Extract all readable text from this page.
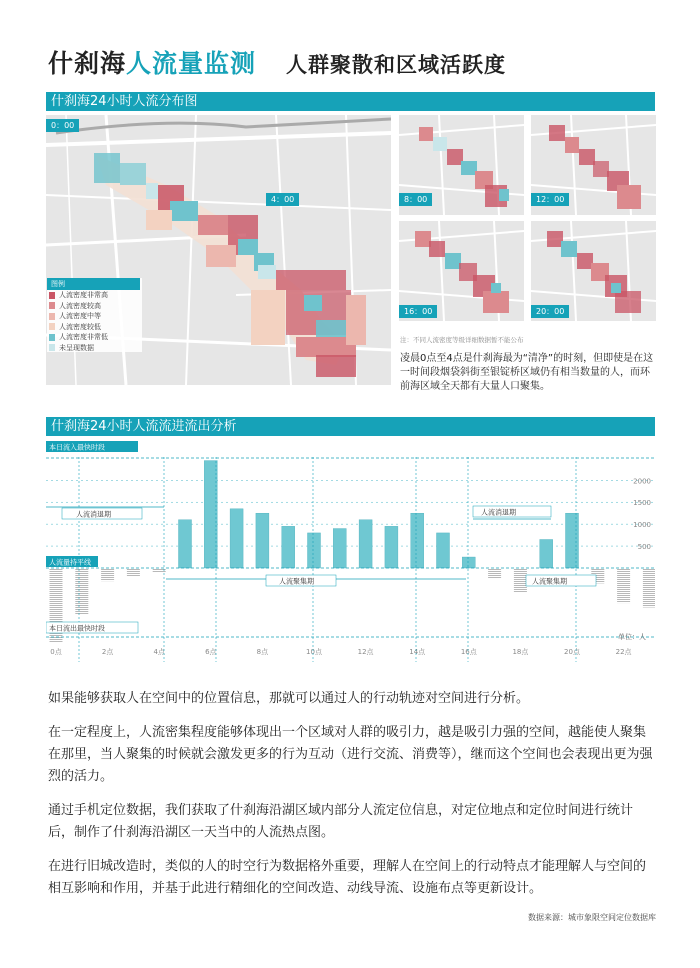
什刹海人流量监测 人群聚散和区域活跃度
什刹海24小时人流分布图
0：00
4：00
图例
人流密度非常高
人流密度较高
人流密度中等
人流密度较低
人流密度非常低
未呈现数据
8：00	12：00
16：00	20：00
注：不同人流密度等级详细数据暂不能公布
凌晨0点至4点是什刹海最为“清净”的时刻，但即使是在这一时间段烟袋斜街至银锭桥区域仍有相当数量的人，而环前海区域全天都有大量人口聚集。
什刹海24小时人流流进流出分析
0点	2点	4点	6点	8点	10点	12点	14点	16点	18点	20点	22点
500
1000
1500
2000
本日流入最快时段
人流量持平线
本日流出最快时段
人流消退期
人流聚集期
人流消退期
人流聚集期
单位：人
如果能够获取人在空间中的位置信息，那就可以通过人的行动轨迹对空间进行分析。
在一定程度上，人流密集程度能够体现出一个区域对人群的吸引力，越是吸引力强的空间，越能使人聚集在那里，当人聚集的时候就会激发更多的行为互动（进行交流、消费等），继而这个空间也会表现出更为强烈的活力。
通过手机定位数据，我们获取了什刹海沿湖区域内部分人流定位信息，对定位地点和定位时间进行统计后，制作了什刹海沿湖区一天当中的人流热点图。
在进行旧城改造时，类似的人的时空行为数据格外重要，理解人在空间上的行动特点才能理解人与空间的相互影响和作用，并基于此进行精细化的空间改造、动线导流、设施布点等更新设计。
数据来源：城市象限空间定位数据库
